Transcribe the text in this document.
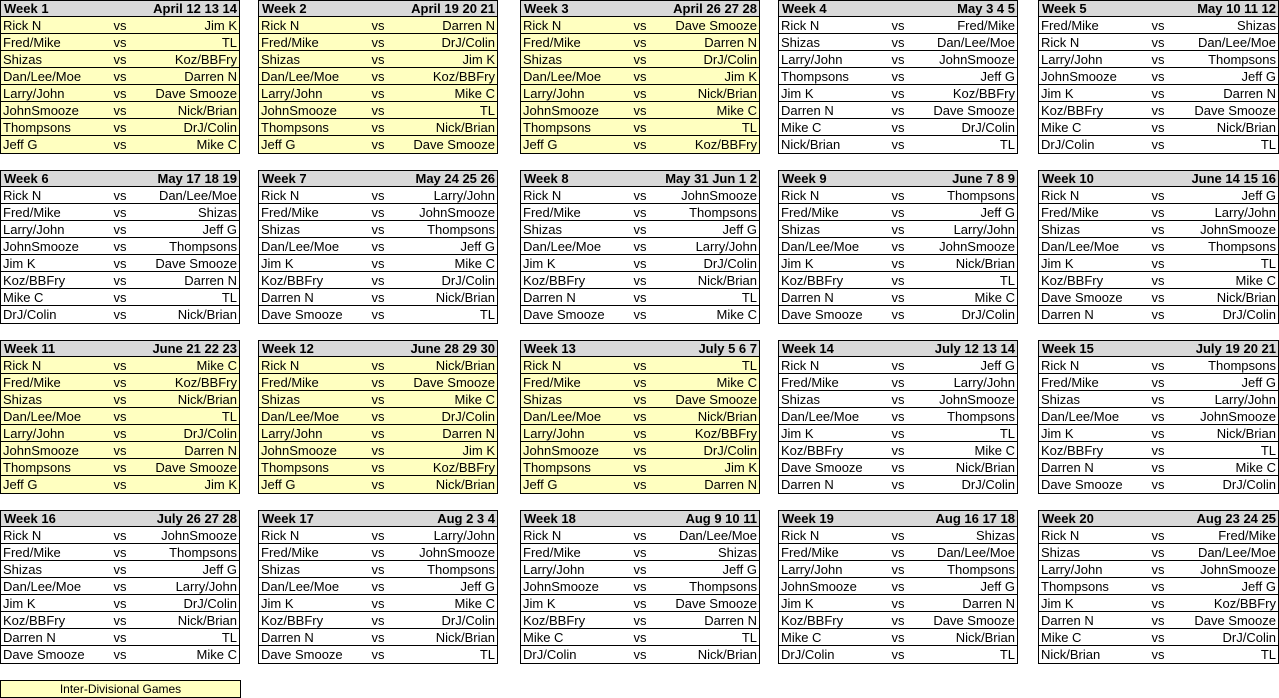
Week 1	April 12 13 14
Rick N	vs	Jim K
Fred/Mike	vs	TL
Shizas	vs	Koz/BBFry
Dan/Lee/Moe	vs	Darren N
Larry/John	vs	Dave Smooze
JohnSmooze	vs	Nick/Brian
Thompsons	vs	DrJ/Colin
Jeff G	vs	Mike C
Week 2	April 19 20 21
Rick N	vs	Darren N
Fred/Mike	vs	DrJ/Colin
Shizas	vs	Jim K
Dan/Lee/Moe	vs	Koz/BBFry
Larry/John	vs	Mike C
JohnSmooze	vs	TL
Thompsons	vs	Nick/Brian
Jeff G	vs	Dave Smooze
Week 3	April 26 27 28
Rick N	vs	Dave Smooze
Fred/Mike	vs	Darren N
Shizas	vs	DrJ/Colin
Dan/Lee/Moe	vs	Jim K
Larry/John	vs	Nick/Brian
JohnSmooze	vs	Mike C
Thompsons	vs	TL
Jeff G	vs	Koz/BBFry
Week 4	May 3 4 5
Rick N	vs	Fred/Mike
Shizas	vs	Dan/Lee/Moe
Larry/John	vs	JohnSmooze
Thompsons	vs	Jeff G
Jim K	vs	Koz/BBFry
Darren N	vs	Dave Smooze
Mike C	vs	DrJ/Colin
Nick/Brian	vs	TL
Week 5	May 10 11 12
Fred/Mike	vs	Shizas
Rick N	vs	Dan/Lee/Moe
Larry/John	vs	Thompsons
JohnSmooze	vs	Jeff G
Jim K	vs	Darren N
Koz/BBFry	vs	Dave Smooze
Mike C	vs	Nick/Brian
DrJ/Colin	vs	TL
Week 6	May 17 18 19
Rick N	vs	Dan/Lee/Moe
Fred/Mike	vs	Shizas
Larry/John	vs	Jeff G
JohnSmooze	vs	Thompsons
Jim K	vs	Dave Smooze
Koz/BBFry	vs	Darren N
Mike C	vs	TL
DrJ/Colin	vs	Nick/Brian
Week 7	May 24 25 26
Rick N	vs	Larry/John
Fred/Mike	vs	JohnSmooze
Shizas	vs	Thompsons
Dan/Lee/Moe	vs	Jeff G
Jim K	vs	Mike C
Koz/BBFry	vs	DrJ/Colin
Darren N	vs	Nick/Brian
Dave Smooze	vs	TL
Week 8	May 31 Jun 1 2
Rick N	vs	JohnSmooze
Fred/Mike	vs	Thompsons
Shizas	vs	Jeff G
Dan/Lee/Moe	vs	Larry/John
Jim K	vs	DrJ/Colin
Koz/BBFry	vs	Nick/Brian
Darren N	vs	TL
Dave Smooze	vs	Mike C
Week 9	June 7 8 9
Rick N	vs	Thompsons
Fred/Mike	vs	Jeff G
Shizas	vs	Larry/John
Dan/Lee/Moe	vs	JohnSmooze
Jim K	vs	Nick/Brian
Koz/BBFry	vs	TL
Darren N	vs	Mike C
Dave Smooze	vs	DrJ/Colin
Week 10	June 14 15 16
Rick N	vs	Jeff G
Fred/Mike	vs	Larry/John
Shizas	vs	JohnSmooze
Dan/Lee/Moe	vs	Thompsons
Jim K	vs	TL
Koz/BBFry	vs	Mike C
Dave Smooze	vs	Nick/Brian
Darren N	vs	DrJ/Colin
Week 11	June 21 22 23
Rick N	vs	Mike C
Fred/Mike	vs	Koz/BBFry
Shizas	vs	Nick/Brian
Dan/Lee/Moe	vs	TL
Larry/John	vs	DrJ/Colin
JohnSmooze	vs	Darren N
Thompsons	vs	Dave Smooze
Jeff G	vs	Jim K
Week 12	June 28 29 30
Rick N	vs	Nick/Brian
Fred/Mike	vs	Dave Smooze
Shizas	vs	Mike C
Dan/Lee/Moe	vs	DrJ/Colin
Larry/John	vs	Darren N
JohnSmooze	vs	Jim K
Thompsons	vs	Koz/BBFry
Jeff G	vs	Nick/Brian
Week 13	July 5 6 7
Rick N	vs	TL
Fred/Mike	vs	Mike C
Shizas	vs	Dave Smooze
Dan/Lee/Moe	vs	Nick/Brian
Larry/John	vs	Koz/BBFry
JohnSmooze	vs	DrJ/Colin
Thompsons	vs	Jim K
Jeff G	vs	Darren N
Week 14	July 12 13 14
Rick N	vs	Jeff G
Fred/Mike	vs	Larry/John
Shizas	vs	JohnSmooze
Dan/Lee/Moe	vs	Thompsons
Jim K	vs	TL
Koz/BBFry	vs	Mike C
Dave Smooze	vs	Nick/Brian
Darren N	vs	DrJ/Colin
Week 15	July 19 20 21
Rick N	vs	Thompsons
Fred/Mike	vs	Jeff G
Shizas	vs	Larry/John
Dan/Lee/Moe	vs	JohnSmooze
Jim K	vs	Nick/Brian
Koz/BBFry	vs	TL
Darren N	vs	Mike C
Dave Smooze	vs	DrJ/Colin
Week 16	July 26 27 28
Rick N	vs	JohnSmooze
Fred/Mike	vs	Thompsons
Shizas	vs	Jeff G
Dan/Lee/Moe	vs	Larry/John
Jim K	vs	DrJ/Colin
Koz/BBFry	vs	Nick/Brian
Darren N	vs	TL
Dave Smooze	vs	Mike C
Week 17	Aug 2 3 4
Rick N	vs	Larry/John
Fred/Mike	vs	JohnSmooze
Shizas	vs	Thompsons
Dan/Lee/Moe	vs	Jeff G
Jim K	vs	Mike C
Koz/BBFry	vs	DrJ/Colin
Darren N	vs	Nick/Brian
Dave Smooze	vs	TL
Week 18	Aug 9 10 11
Rick N	vs	Dan/Lee/Moe
Fred/Mike	vs	Shizas
Larry/John	vs	Jeff G
JohnSmooze	vs	Thompsons
Jim K	vs	Dave Smooze
Koz/BBFry	vs	Darren N
Mike C	vs	TL
DrJ/Colin	vs	Nick/Brian
Week 19	Aug 16 17 18
Rick N	vs	Shizas
Fred/Mike	vs	Dan/Lee/Moe
Larry/John	vs	Thompsons
JohnSmooze	vs	Jeff G
Jim K	vs	Darren N
Koz/BBFry	vs	Dave Smooze
Mike C	vs	Nick/Brian
DrJ/Colin	vs	TL
Week 20	Aug 23 24 25
Rick N	vs	Fred/Mike
Shizas	vs	Dan/Lee/Moe
Larry/John	vs	JohnSmooze
Thompsons	vs	Jeff G
Jim K	vs	Koz/BBFry
Darren N	vs	Dave Smooze
Mike C	vs	DrJ/Colin
Nick/Brian	vs	TL
Inter-Divisional Games
